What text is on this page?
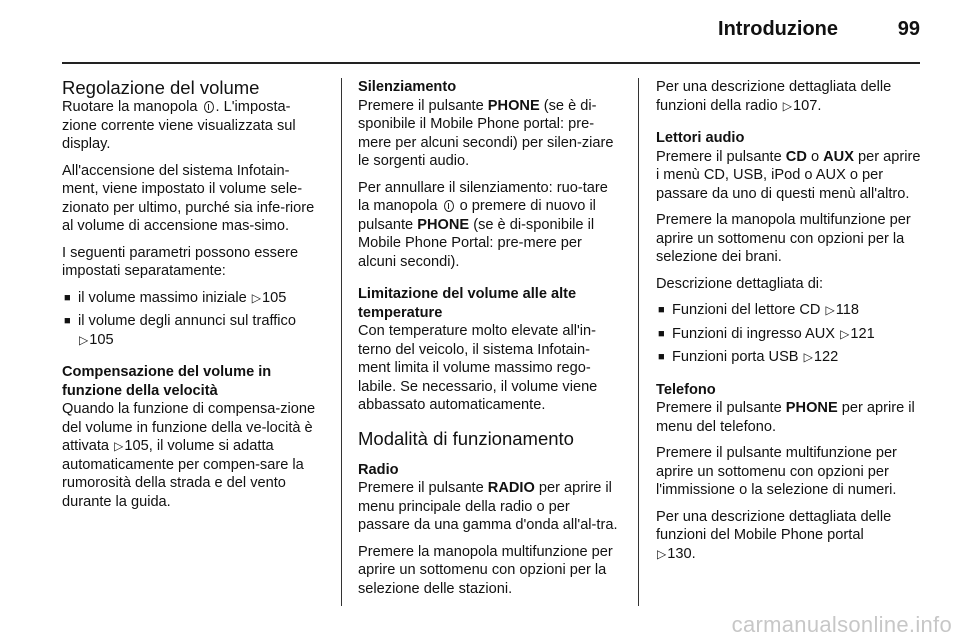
Introduzione	99
Regolazione del volume

Ruotare la manopola . L'imposta-zione corrente viene visualizzata sul display.

All'accensione del sistema Infotain-ment, viene impostato il volume sele-zionato per ultimo, purché sia infe-riore al volume di accensione mas-simo.

I seguenti parametri possono essere impostati separatamente:

■ il volume massimo iniziale ▷105
■ il volume degli annunci sul traffico
▷105
Compensazione del volume in funzione della velocità

Quando la funzione di compensa-zione del volume in funzione della ve-locità è attivata ▷105, il volume si adatta automaticamente per compen-sare la rumorosità della strada e del vento durante la guida.

Silenziamento

Premere il pulsante PHONE (se è di-sponibile il Mobile Phone portal: pre-mere per alcuni secondi) per silen-ziare le sorgenti audio.

Per annullare il silenziamento: ruo-tare la manopola o premere di nuovo il pulsante PHONE (se è di-sponibile il Mobile Phone Portal: pre-mere per alcuni secondi).

Limitazione del volume alle alte temperature

Con temperature molto elevate all'in-terno del veicolo, il sistema Infotain-ment limita il volume massimo rego-labile. Se necessario, il volume viene abbassato automaticamente.

Modalità di funzionamento
Radio

Premere il pulsante RADIO per aprire il menu principale della radio o per passare da una gamma d'onda all'al-tra.

Premere la manopola multifunzione per aprire un sottomenu con opzioni per la selezione delle stazioni.

Per una descrizione dettagliata delle funzioni della radio ▷107.

Lettori audio

Premere il pulsante CD o AUX per aprire i menù CD, USB, iPod o AUX o per passare da uno di questi menù all'altro.

Premere la manopola multifunzione per aprire un sottomenu con opzioni per la selezione dei brani.

Descrizione dettagliata di:

■ Funzioni del lettore CD ▷118
■ Funzioni di ingresso AUX ▷121
■ Funzioni porta USB ▷122
Telefono

Premere il pulsante PHONE per aprire il menu del telefono.

Premere il pulsante multifunzione per aprire un sottomenu con opzioni per l'immissione o la selezione di numeri.

Per una descrizione dettagliata delle funzioni del Mobile Phone portal
▷130.

carmanualsonline.info
